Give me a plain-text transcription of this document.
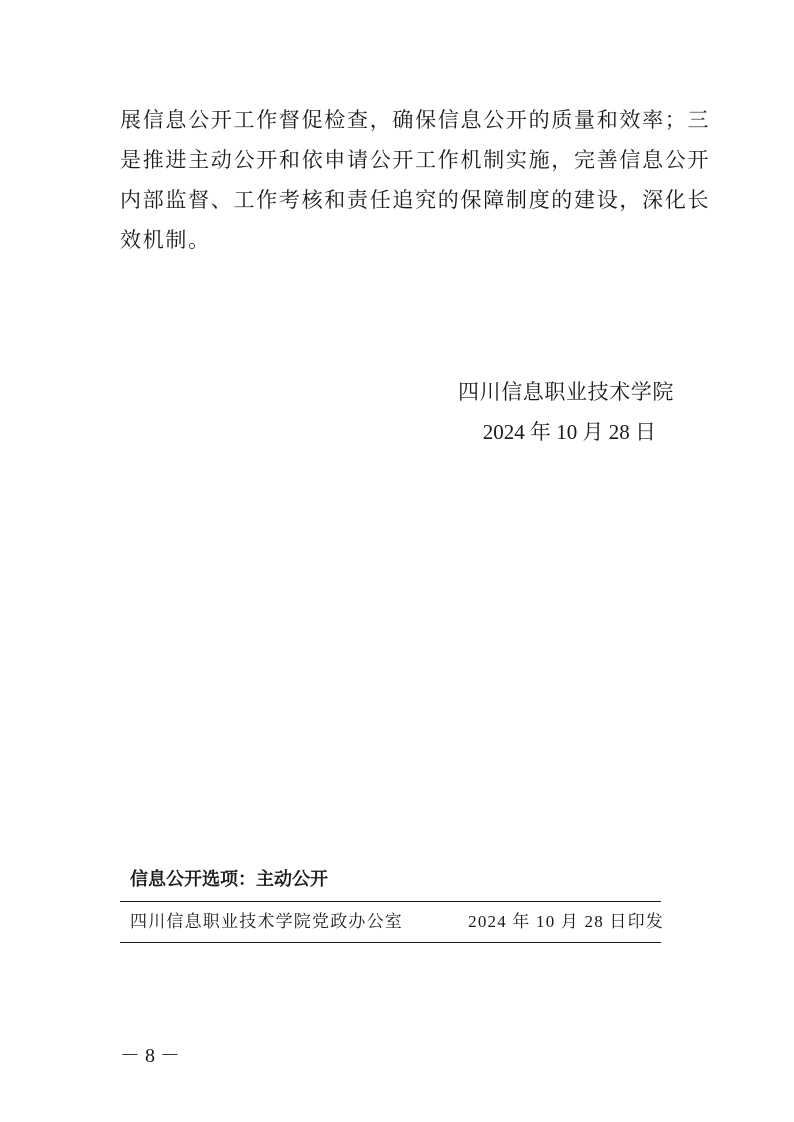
展信息公开工作督促检查，确保信息公开的质量和效率；三
是推进主动公开和依申请公开工作机制实施，完善信息公开
内部监督、工作考核和责任追究的保障制度的建设，深化长
效机制。

四川信息职业技术学院
2024 年 10 月 28 日
信息公开选项：主动公开
四川信息职业技术学院党政办公室	2024 年 10 月 28 日印发
－ 8 －
